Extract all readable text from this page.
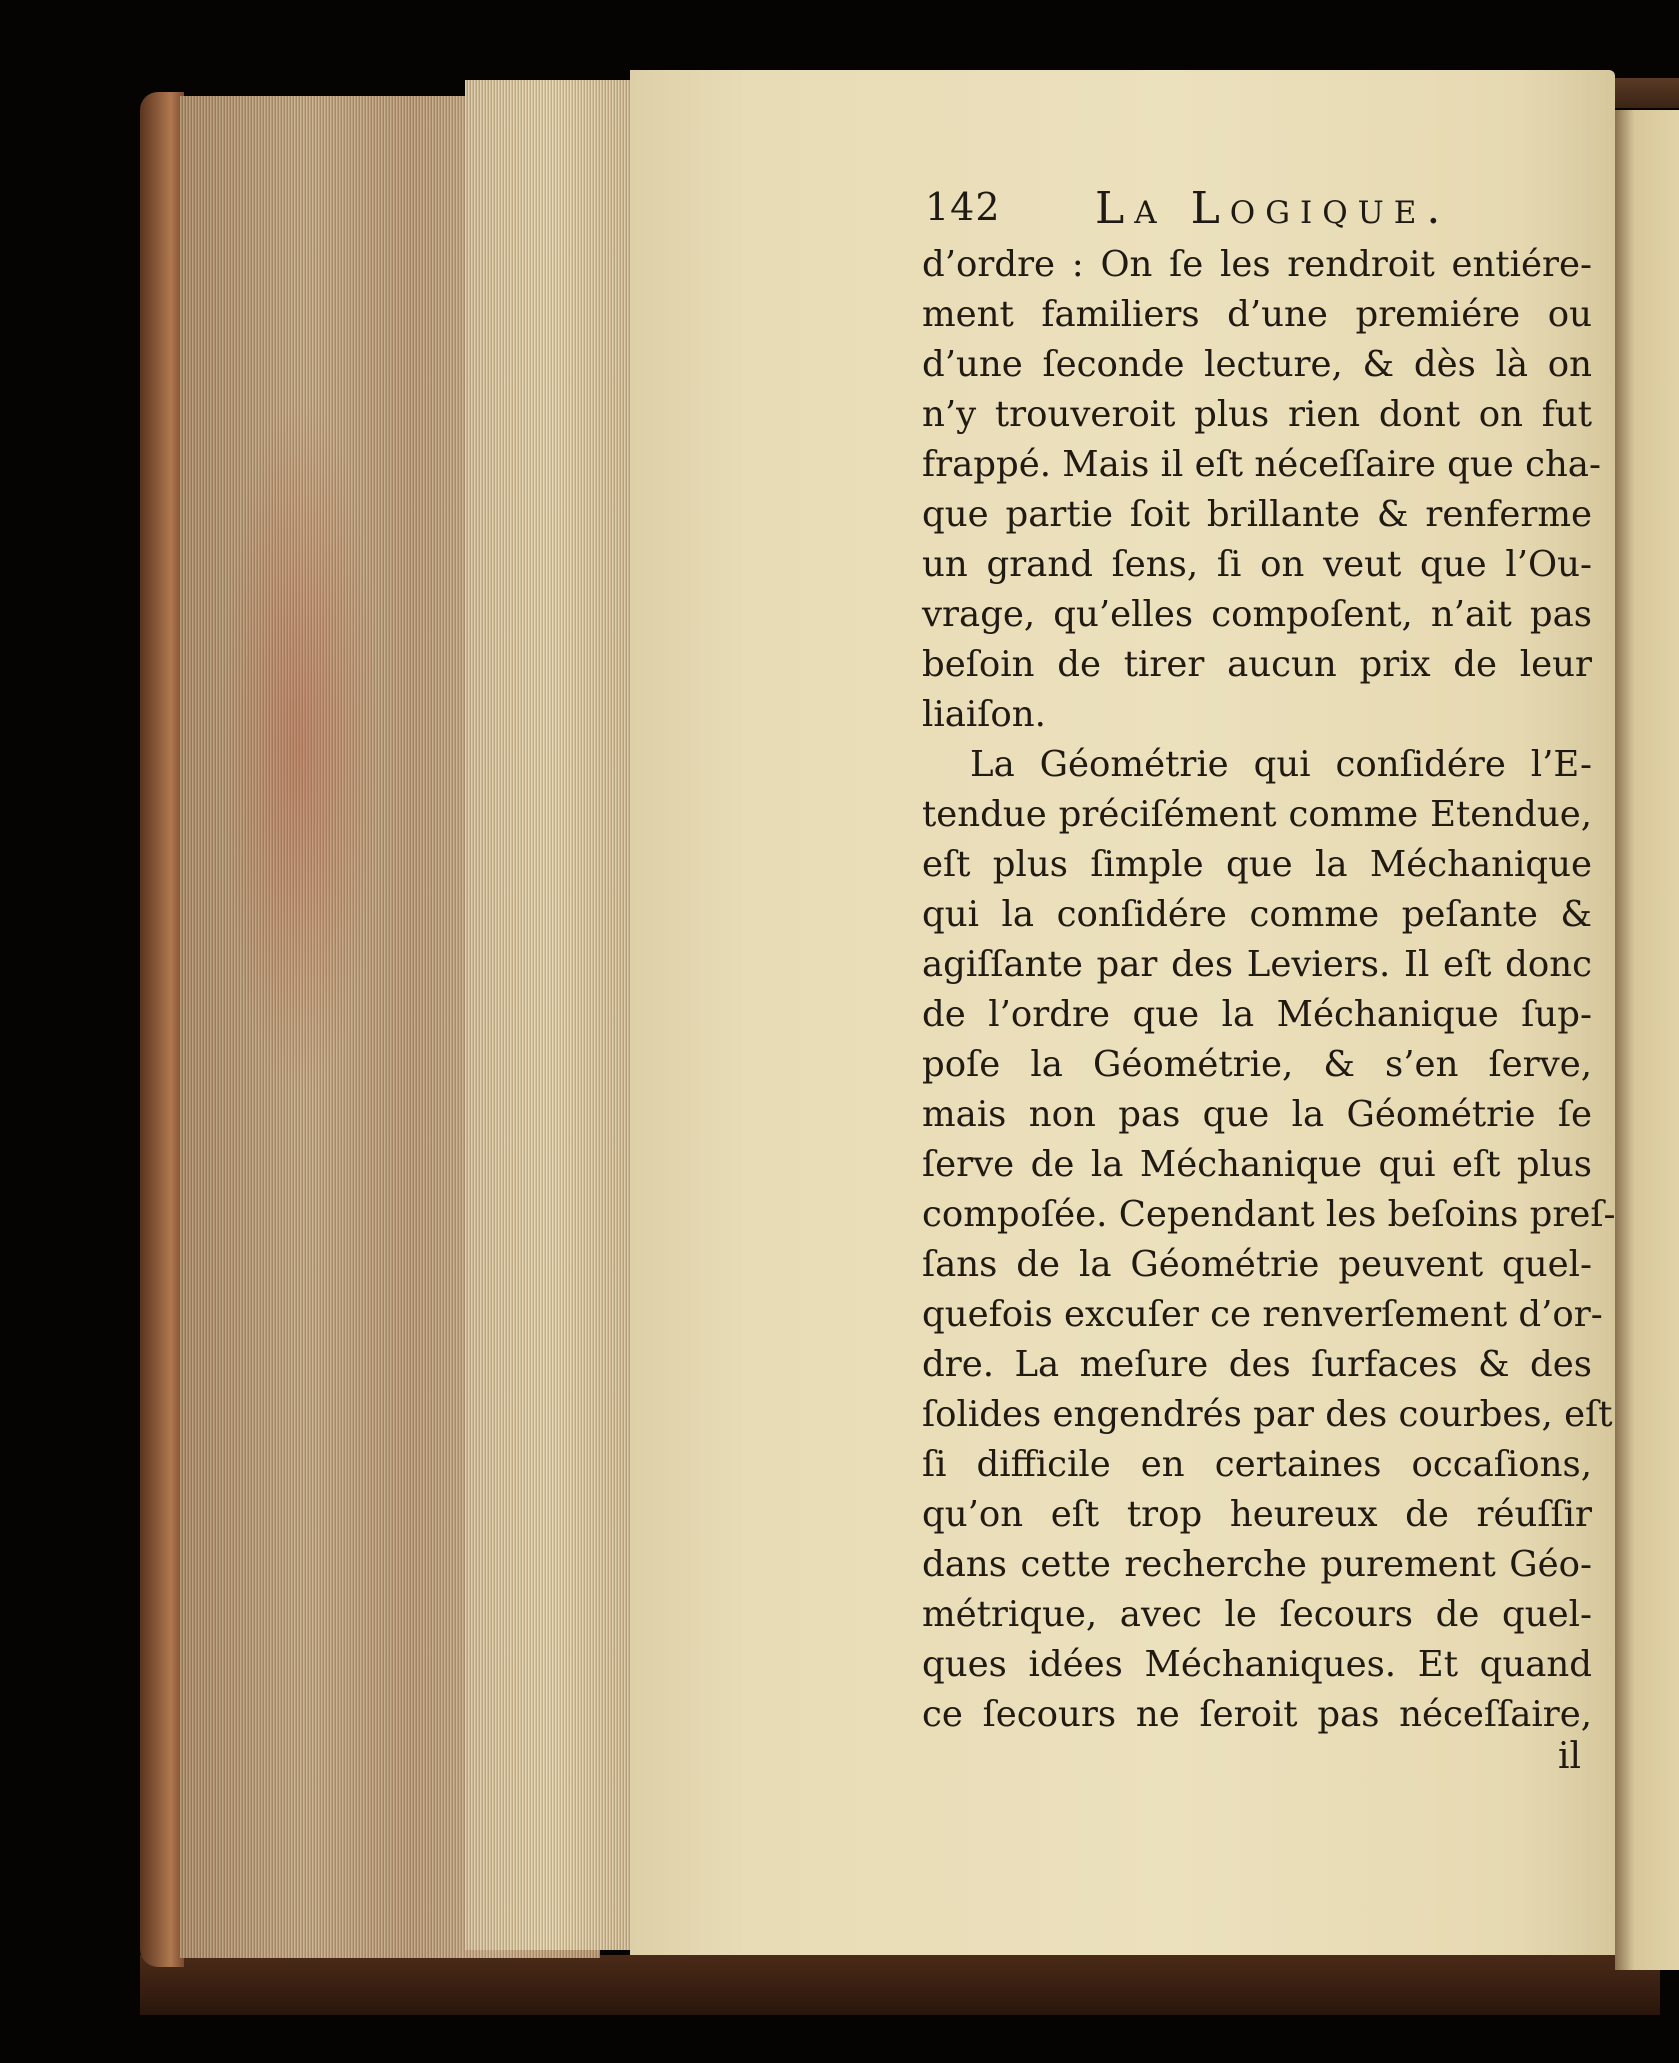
142 La Logique.
d’ordre : On ſe les rendroit entiére-
ment familiers d’une premiére ou
d’une ſeconde lecture, & dès là on
n’y trouveroit plus rien dont on fut
frappé. Mais il eſt néceſſaire que cha-
que partie ſoit brillante & renferme
un grand ſens, ſi on veut que l’Ou-
vrage, qu’elles compoſent, n’ait pas
beſoin de tirer aucun prix de leur
liaiſon.
La Géométrie qui conſidére l’E-
tendue préciſément comme Etendue,
eſt plus ſimple que la Méchanique
qui la conſidére comme peſante &
agiſſante par des Leviers. Il eſt donc
de l’ordre que la Méchanique ſup-
poſe la Géométrie, & s’en ſerve,
mais non pas que la Géométrie ſe
ſerve de la Méchanique qui eſt plus
compoſée. Cependant les beſoins preſ-
ſans de la Géométrie peuvent quel-
quefois excuſer ce renverſement d’or-
dre. La meſure des ſurfaces & des
ſolides engendrés par des courbes, eſt
ſi difficile en certaines occaſions,
qu’on eſt trop heureux de réuſſir
dans cette recherche purement Géo-
métrique, avec le ſecours de quel-
ques idées Méchaniques. Et quand
ce ſecours ne ſeroit pas néceſſaire,
il
